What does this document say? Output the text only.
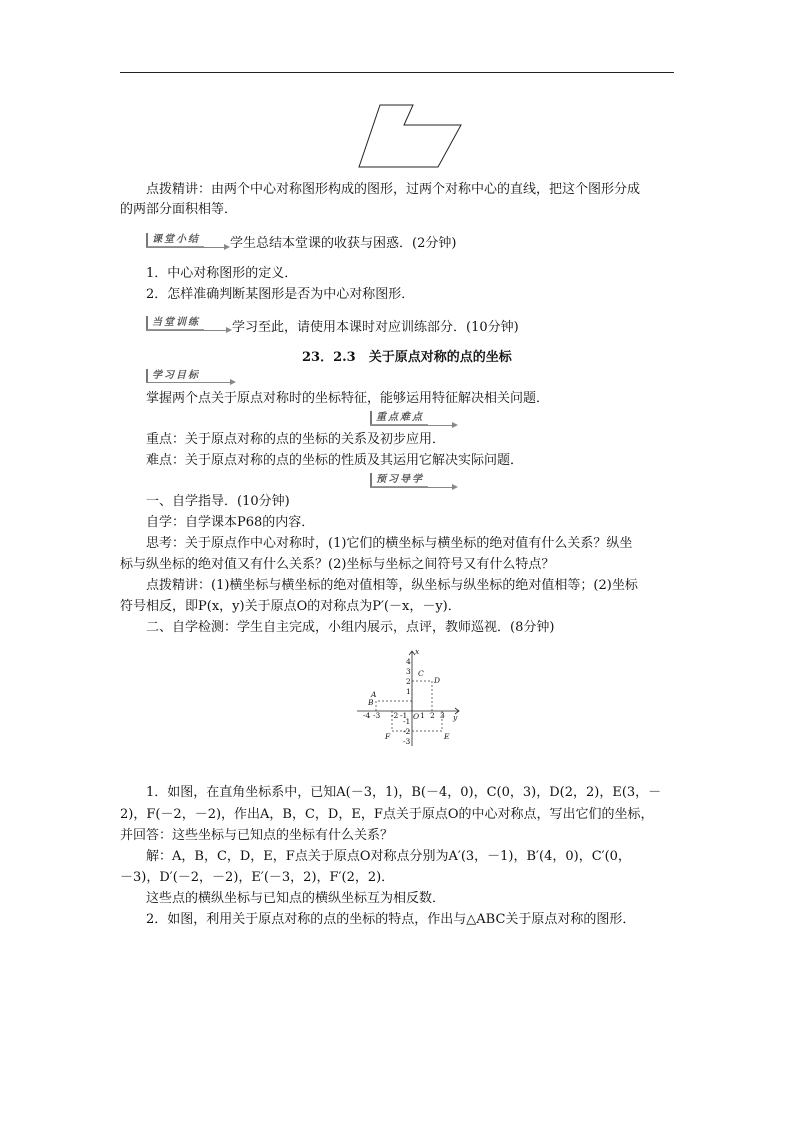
点拨精讲：由两个中心对称图形构成的图形，过两个对称中心的直线，把这个图形分成
的两部分面积相等．
课堂小结	学生总结本堂课的收获与困惑．(2分钟)
1．中心对称图形的定义．
2．怎样准确判断某图形是否为中心对称图形．
当堂训练	学习至此，请使用本课时对应训练部分．(10分钟)
23．2.3　关于原点对称的点的坐标
学习目标
掌握两个点关于原点对称时的坐标特征，能够运用特征解决相关问题．
重点难点
重点：关于原点对称的点的坐标的关系及初步应用．
难点：关于原点对称的点的坐标的性质及其运用它解决实际问题．
预习导学
一、自学指导．(10分钟)
自学：自学课本P68的内容．
思考：关于原点作中心对称时，(1)它们的横坐标与横坐标的绝对值有什么关系？纵坐
标与纵坐标的绝对值又有什么关系？(2)坐标与坐标之间符号又有什么特点？
点拨精讲：(1)横坐标与横坐标的绝对值相等，纵坐标与纵坐标的绝对值相等；(2)坐标
符号相反，即P(x，y)关于原点O的对称点为P′(－x，－y)．
二、自学检测：学生自主完成，小组内展示，点评，教师巡视．(8分钟)
x
y
O
-4 -3 -2 -1 1 2 3
4
3
2
1
-1
-2
-3
A
B
C
D
E
F
1．如图，在直角坐标系中，已知A(－3，1)，B(－4，0)，C(0，3)，D(2，2)，E(3，－
2)，F(－2，－2)，作出A，B，C，D，E，F点关于原点O的中心对称点，写出它们的坐标，
并回答：这些坐标与已知点的坐标有什么关系？
解：A，B，C，D，E，F点关于原点O对称点分别为A′(3，－1)，B′(4，0)，C′(0，
－3)，D′(－2，－2)，E′(－3，2)，F′(2，2)．
这些点的横纵坐标与已知点的横纵坐标互为相反数．
2．如图，利用关于原点对称的点的坐标的特点，作出与△ABC关于原点对称的图形．
